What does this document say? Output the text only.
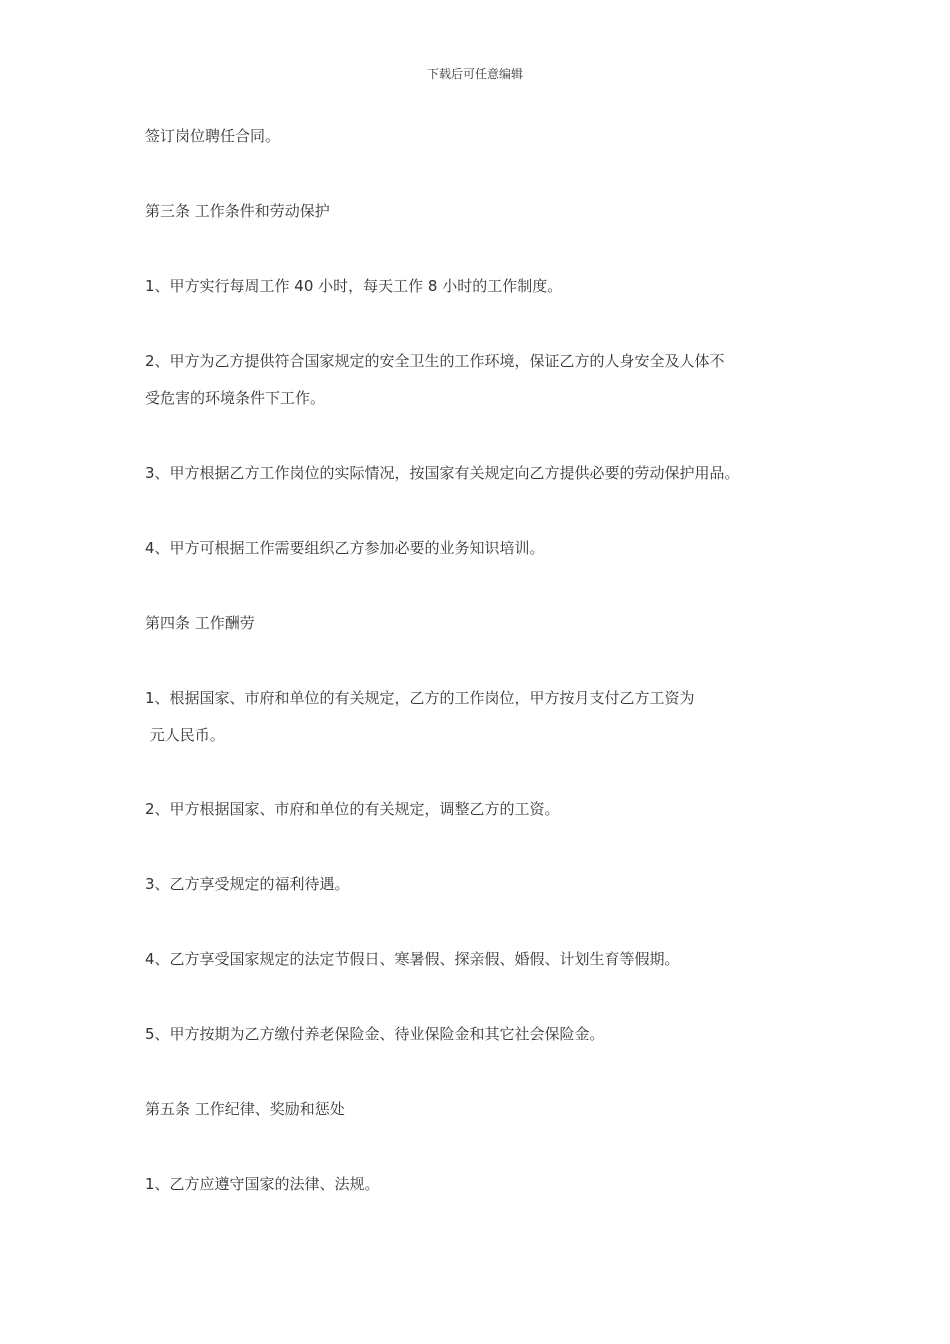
下载后可任意编辑
签订岗位聘任合同。
第三条 工作条件和劳动保护
1、甲方实行每周工作 40 小时，每天工作 8 小时的工作制度。
2、甲方为乙方提供符合国家规定的安全卫生的工作环境，保证乙方的人身安全及人体不
受危害的环境条件下工作。
3、甲方根据乙方工作岗位的实际情况，按国家有关规定向乙方提供必要的劳动保护用品。
4、甲方可根据工作需要组织乙方参加必要的业务知识培训。
第四条 工作酬劳
1、根据国家、市府和单位的有关规定，乙方的工作岗位，甲方按月支付乙方工资为
元人民币。
2、甲方根据国家、市府和单位的有关规定，调整乙方的工资。
3、乙方享受规定的福利待遇。
4、乙方享受国家规定的法定节假日、寒暑假、探亲假、婚假、计划生育等假期。
5、甲方按期为乙方缴付养老保险金、待业保险金和其它社会保险金。
第五条 工作纪律、奖励和惩处
1、乙方应遵守国家的法律、法规。
